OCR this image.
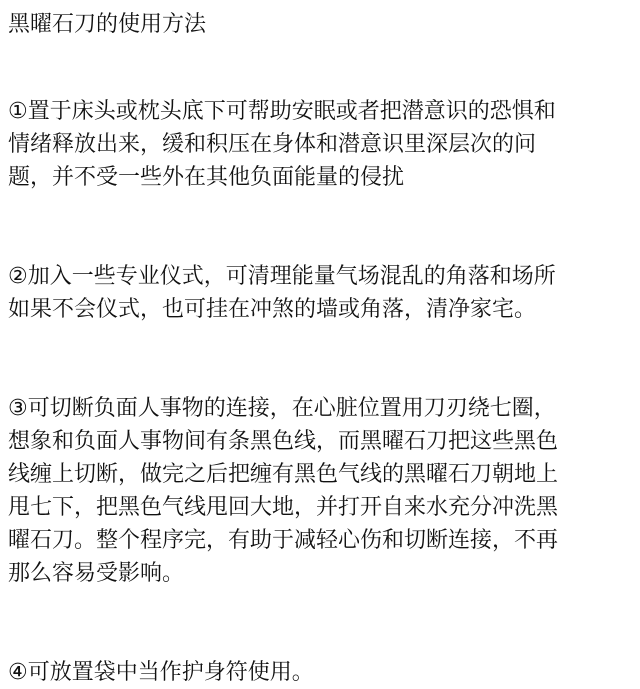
黑曜石刀的使用方法

①置于床头或枕头底下可帮助安眠或者把潜意识的恐惧和
情绪释放出来，缓和积压在身体和潜意识里深层次的问
题，并不受一些外在其他负面能量的侵扰

②加入一些专业仪式，可清理能量气场混乱的角落和场所
如果不会仪式，也可挂在冲煞的墙或角落，清净家宅。

③可切断负面人事物的连接，在心脏位置用刀刃绕七圈，
想象和负面人事物间有条黑色线，而黑曜石刀把这些黑色
线缠上切断，做完之后把缠有黑色气线的黑曜石刀朝地上
甩七下，把黑色气线甩回大地，并打开自来水充分冲洗黑
曜石刀。整个程序完，有助于减轻心伤和切断连接，不再
那么容易受影响。

④可放置袋中当作护身符使用。
